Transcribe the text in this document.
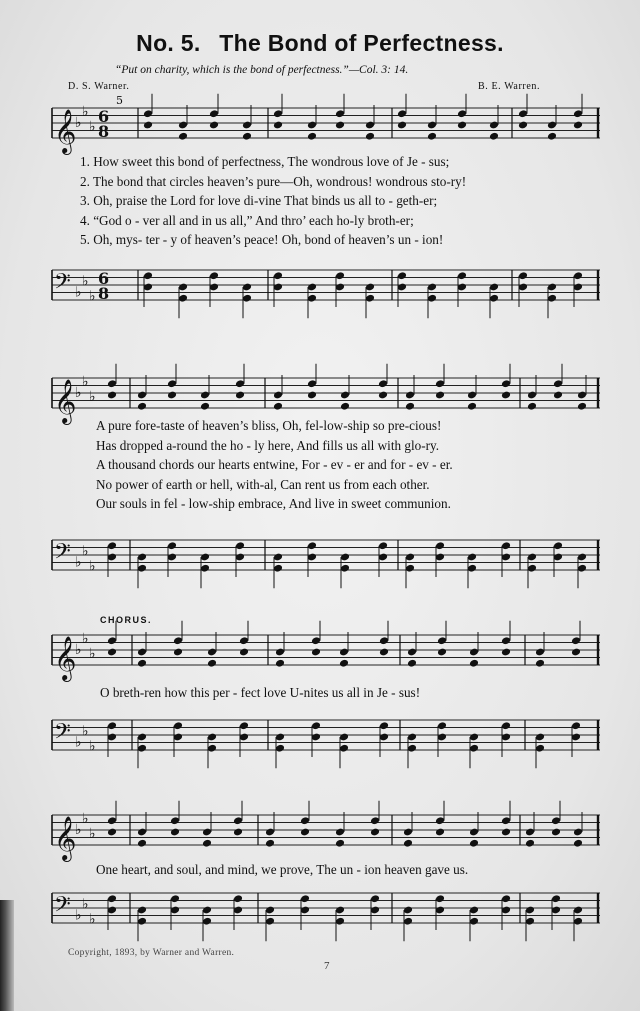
No. 5. The Bond of Perfectness.
“Put on charity, which is the bond of perfectness.”—Col. 3: 14.
D. S. Warner.	B. E. Warren.
𝄞
♭
♭
♭
6
8
5
1. How sweet this bond of perfectness, The wondrous love of Je - sus;
2. The bond that circles heaven’s pure—Oh, wondrous! wondrous sto-ry!
3. Oh, praise the Lord for love di-vine That binds us all to - geth-er;
4. “God o - ver all and in us all,” And thro’ each ho-ly broth-er;
5. Oh, mys- ter - y of heaven’s peace! Oh, bond of heaven’s un - ion!
𝄢 ♭
♭
♭
6
8
𝄞
♭
♭
♭
A pure fore-taste of heaven’s bliss, Oh, fel-low-ship so pre-cious!
Has dropped a-round the ho - ly here, And fills us all with glo-ry.
A thousand chords our hearts entwine, For - ev - er and for - ev - er.
No power of earth or hell, with-al, Can rent us from each other.
Our souls in fel - low-ship embrace, And live in sweet communion.
𝄢 ♭
♭
♭
CHORUS.
𝄞
♭
♭
♭
O breth-ren how this per - fect love U-nites us all in Je - sus!
𝄢 ♭
♭
♭
𝄞
♭
♭
♭
One heart, and soul, and mind, we prove, The un - ion heaven gave us.
𝄢 ♭
♭
♭
Copyright, 1893, by Warner and Warren.
7
